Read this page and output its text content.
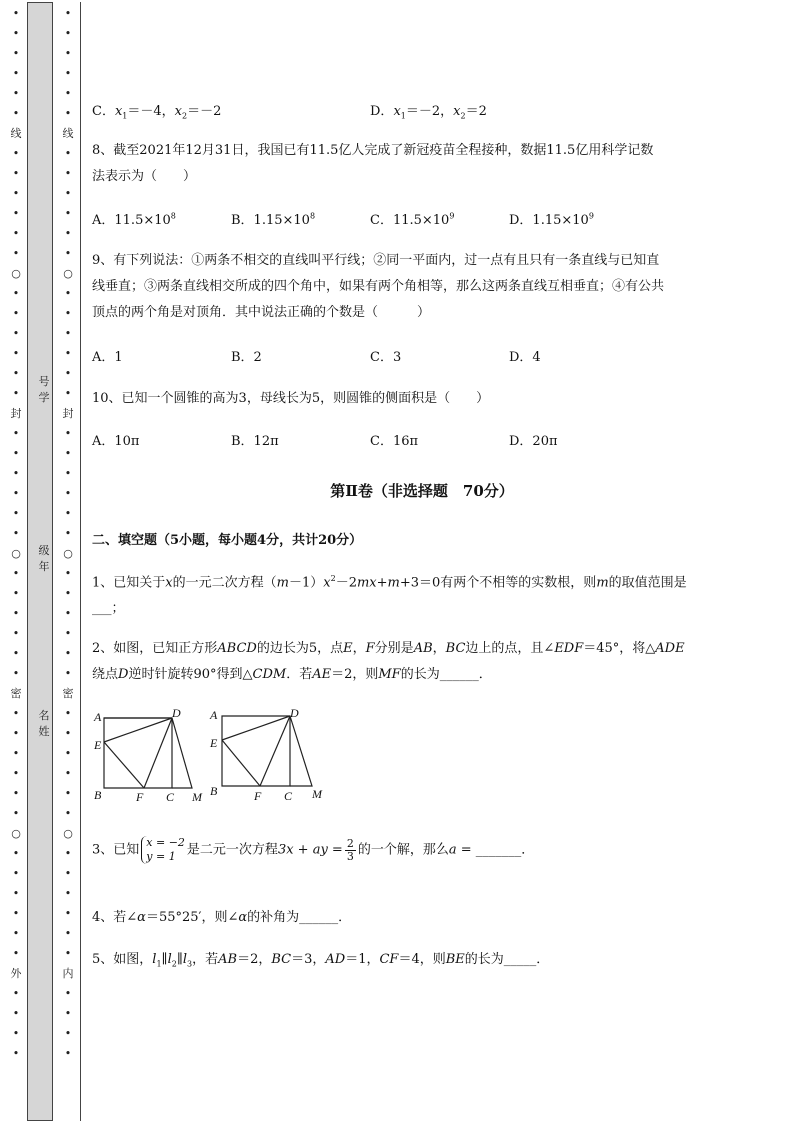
•
•
•
•
•
•
线
•
•
•
•
•
•
○
•
•
•
•
•
•
封
•
•
•
•
•
•
○
•
•
•
•
•
•
密
•
•
•
•
•
•
○
•
•
•
•
•
•
外
•
•
•
•
号学
级年
名姓
•
•
•
•
•
•
线
•
•
•
•
•
•
○
•
•
•
•
•
•
封
•
•
•
•
•
•
○
•
•
•
•
•
•
密
•
•
•
•
•
•
○
•
•
•
•
•
•
内
•
•
•
•
C．$x_1=-4$，$x_2=-2$	D．$x_1=-2$，$x_2=2$
8、截至2021年12月31日，我国已有11.5亿人完成了新冠疫苗全程接种，数据11.5亿用科学记数
法表示为（　　）
A．$11.5\times 10^8$	B．$1.15\times 10^8$	C．$11.5\times 10^9$	D．$1.15\times 10^9$
9、有下列说法：①两条不相交的直线叫平行线；②同一平面内，过一点有且只有一条直线与已知直
线垂直；③两条直线相交所成的四个角中，如果有两个角相等，那么这两条直线互相垂直；④有公共
顶点的两个角是对顶角．其中说法正确的个数是（　　　）
A．1	B．2	C．3	D．4
10、已知一个圆锥的高为3，母线长为5，则圆锥的侧面积是（　　）
A．10π	B．12π	C．16π	D．20π
第Ⅱ卷（非选择题　70分）
二、填空题（5小题，每小题4分，共计20分）
1、已知关于x的一元二次方程$(m-1)x^2-2mx+m+3=0$有两个不相等的实数根，则m的取值范围是
___；
2、如图，已知正方形ABCD的边长为5，点E，F分别是AB，BC边上的点，且∠EDF＝45°，将△ADE
绕点D逆时针旋转90°得到△CDM．若AE＝2，则MF的长为______．
A
E
B
D
F C M
A
E
B
D
F C M
3、已知 x = −2
y = 1 是二元一次方程3x + ay = $\frac{2}{3}$ 的一个解，那么a = _______．
4、若∠α＝55°25′，则∠α的补角为______．
5、如图，$l_1\parallel l_2\parallel l_3$，若AB＝2，BC＝3，AD＝1，CF＝4，则BE的长为_____．
